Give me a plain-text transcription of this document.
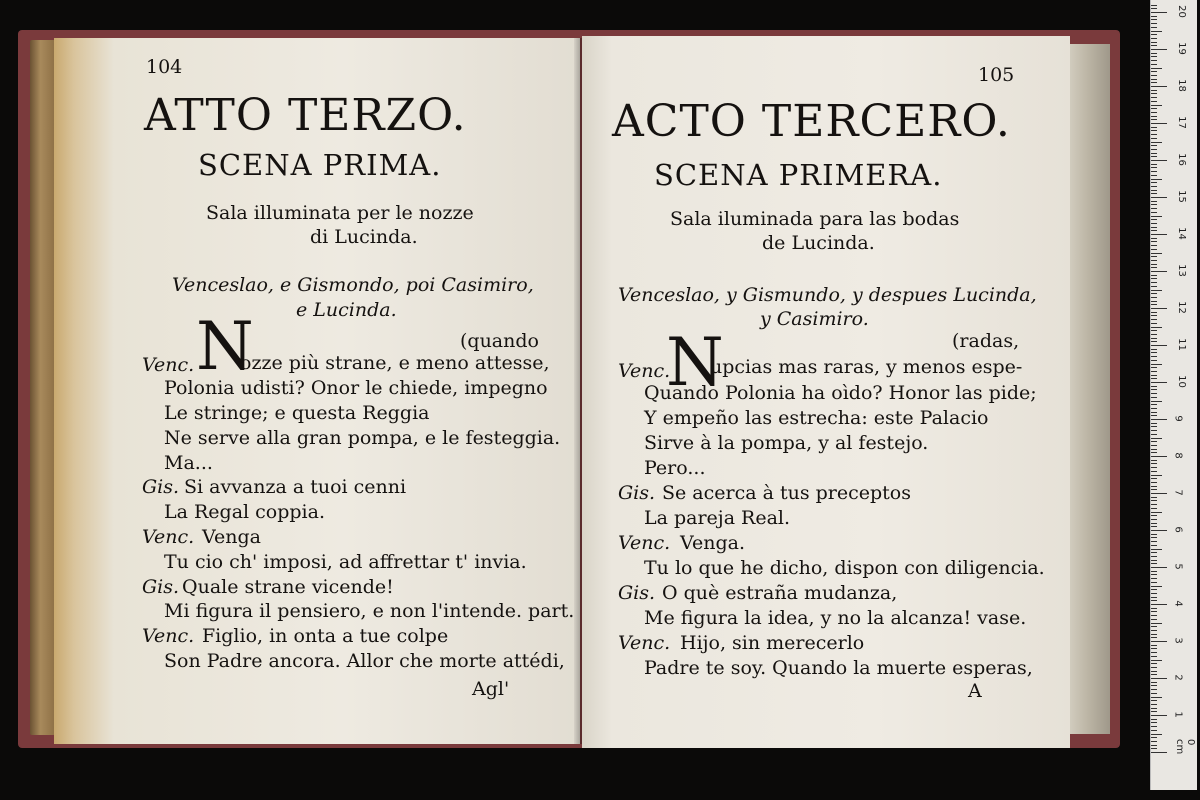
104
ATTO TERZO.
SCENA PRIMA.
Sala illuminata per le nozze
di Lucinda.
Venceslao, e Gismondo, poi Casimiro,
e Lucinda.
(quando
Venc. N
ozze più strane, e meno attesse,
Polonia udisti? Onor le chiede, impegno
Le stringe; e questa Reggia
Ne serve alla gran pompa, e le festeggia.
Ma...
Gis. Si avvanza a tuoi cenni
La Regal coppia.
Venc. Venga
Tu cio ch' imposi, ad affrettar t' invia.
Gis. Quale strane vicende!
Mi figura il pensiero, e non l'intende. part.
Venc. Figlio, in onta a tue colpe
Son Padre ancora. Allor che morte attédi,
Agl'
105
ACTO TERCERO.
SCENA PRIMERA.
Sala iluminada para las bodas
de Lucinda.
Venceslao, y Gismundo, y despues Lucinda,
y Casimiro.
(radas,
Venc.
N
upcias mas raras, y menos espe-
Quando Polonia ha oìdo? Honor las pide;
Y empeño las estrecha: este Palacio
Sirve à la pompa, y al festejo.
Pero...
Gis. Se acerca à tus preceptos
La pareja Real.
Venc. Venga.
Tu lo que he dicho, dispon con diligencia.
Gis. O què estraña mudanza,
Me figura la idea, y no la alcanza! vase.
Venc. Hijo, sin merecerlo
Padre te soy. Quando la muerte esperas,
A
0 cm
1
2
3
4
5
6
7
8
9
10
11
12
13
14
15
16
17
18
19
20
